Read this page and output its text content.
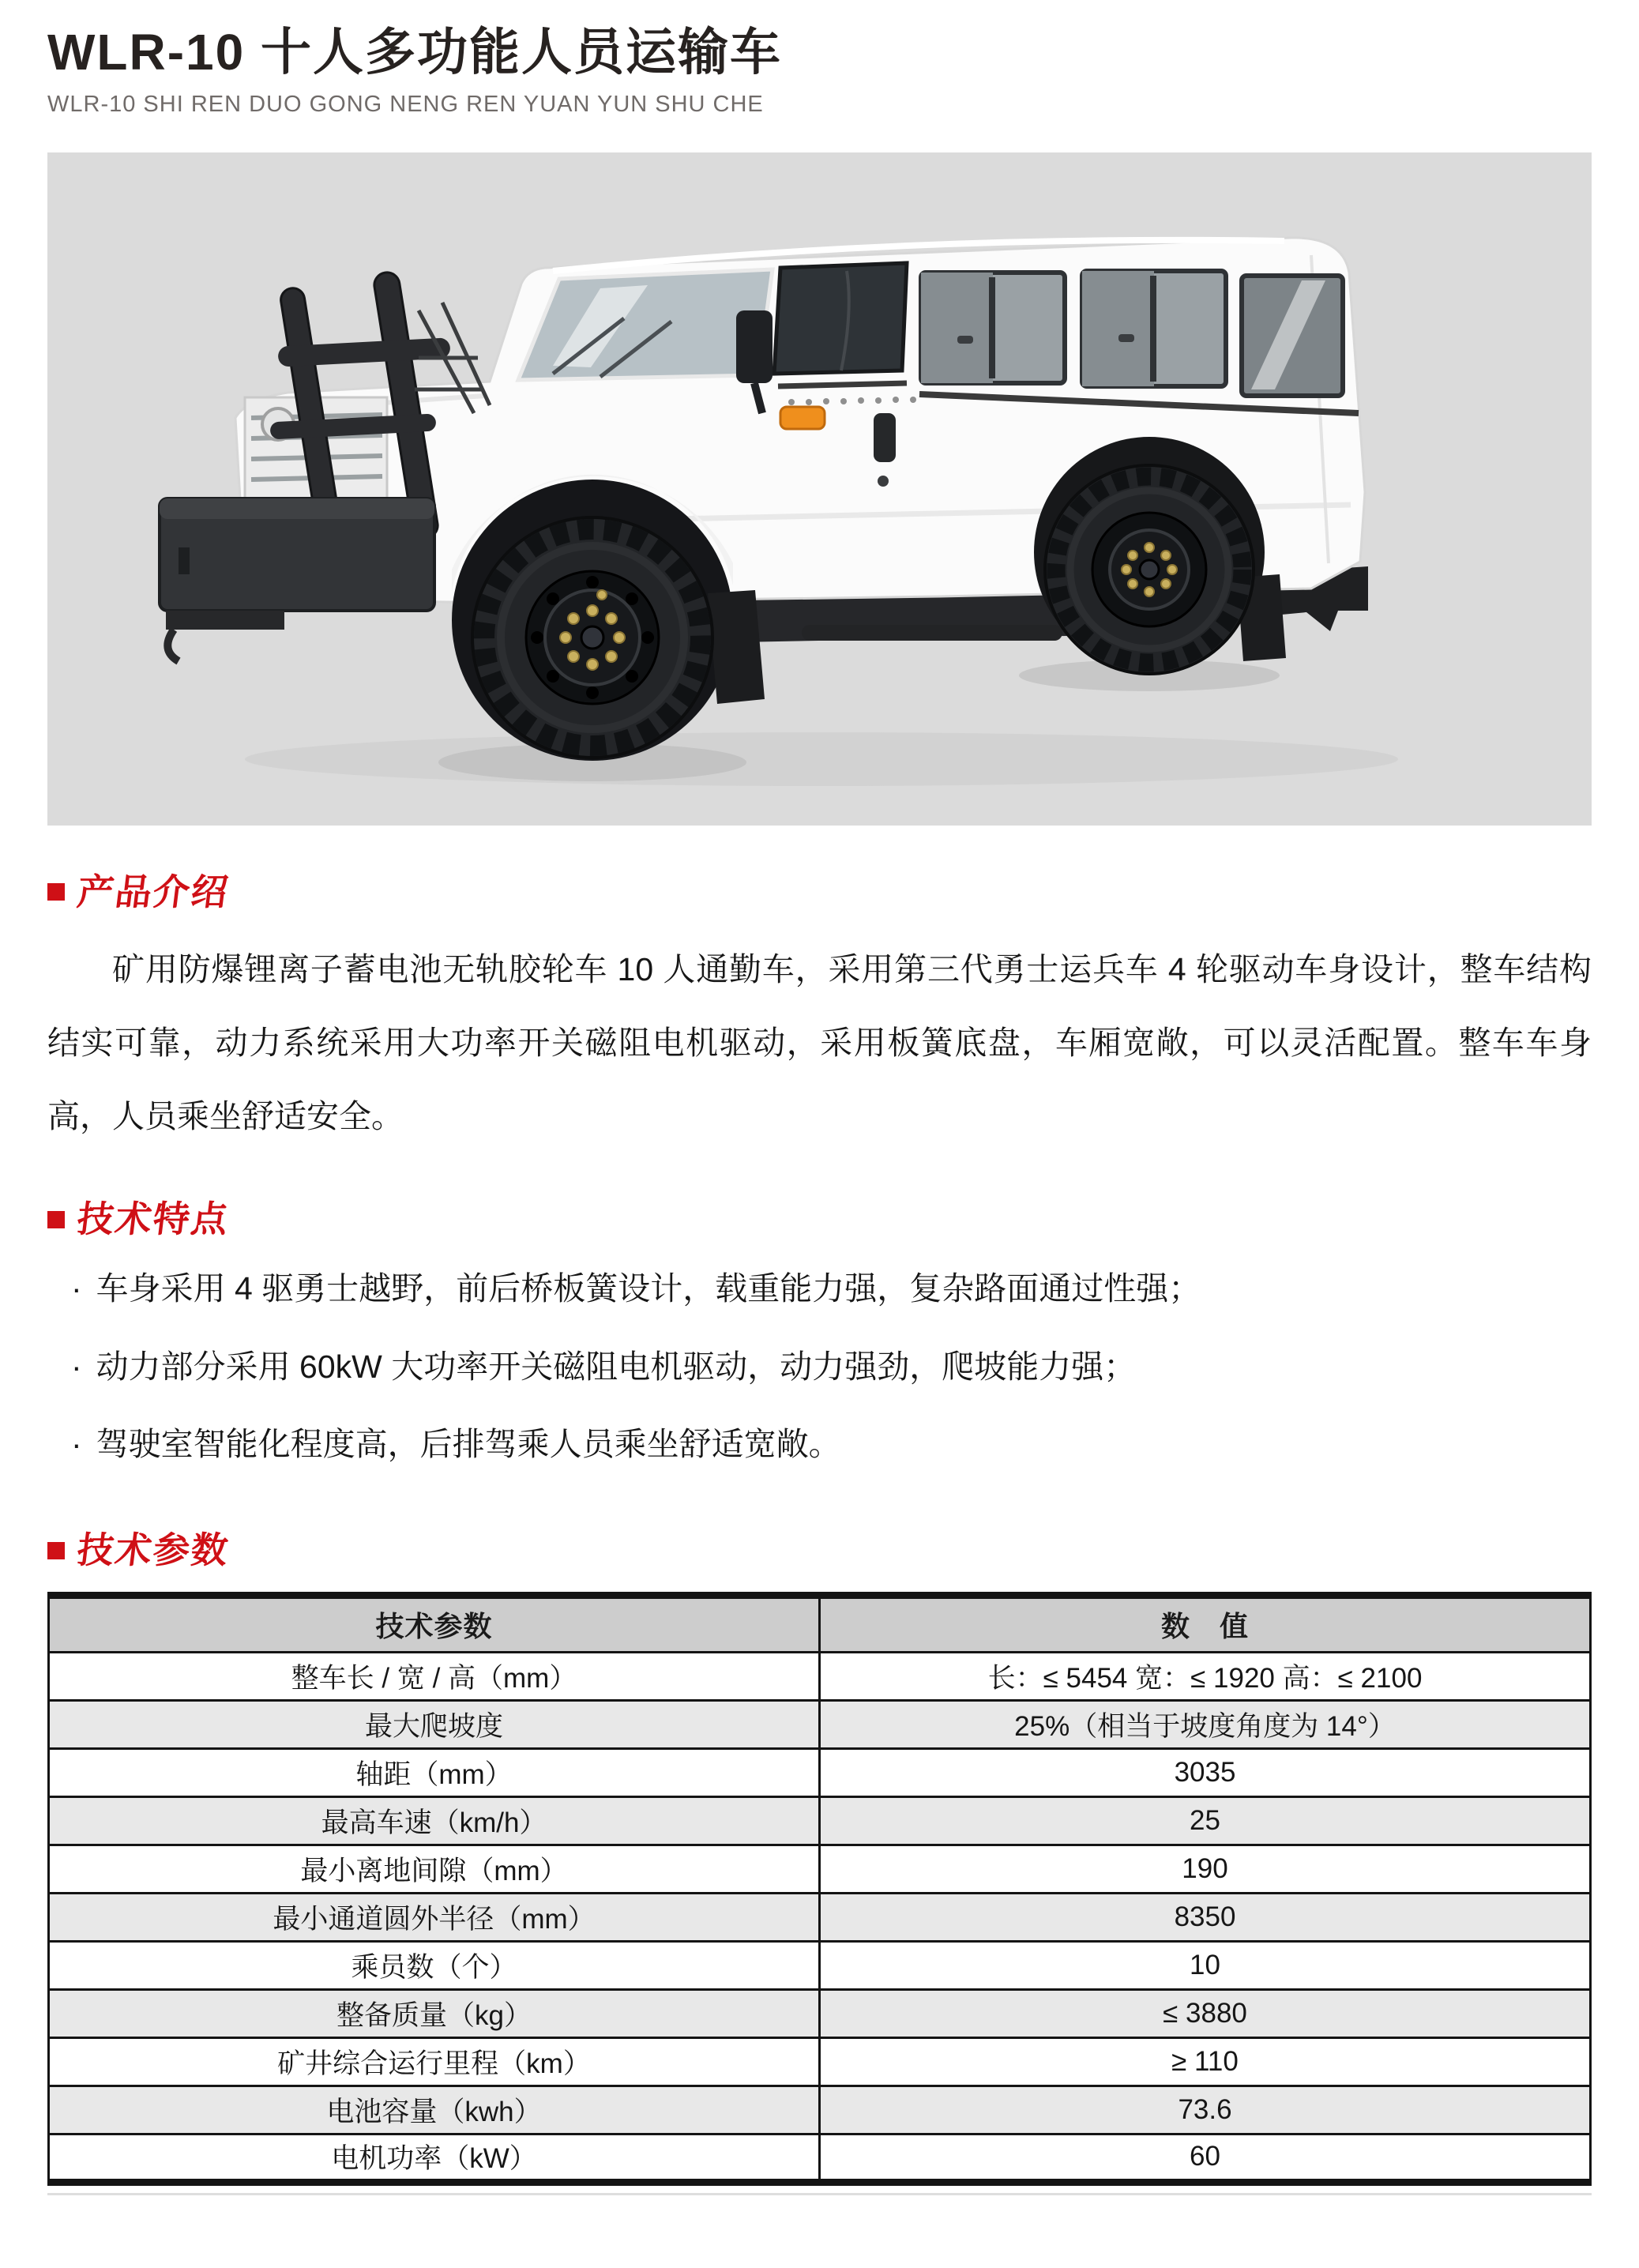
WLR-10 十人多功能人员运输车
WLR-10 SHI REN DUO GONG NENG REN YUAN YUN SHU CHE
产品介绍

矿用防爆锂离子蓄电池无轨胶轮车 10 人通勤车，采用第三代勇士运兵车 4 轮驱动车身设计，整车结构结实可靠，动力系统采用大功率开关磁阻电机驱动，采用板簧底盘，车厢宽敞，可以灵活配置。整车车身高，人员乘坐舒适安全。

技术特点
· 车身采用 4 驱勇士越野，前后桥板簧设计，载重能力强，复杂路面通过性强；
· 动力部分采用 60kW 大功率开关磁阻电机驱动，动力强劲，爬坡能力强；
· 驾驶室智能化程度高，后排驾乘人员乘坐舒适宽敞。
技术参数
技术参数	数　值
整车长 / 宽 / 高（mm）	长：≤ 5454 宽：≤ 1920 高：≤ 2100
最大爬坡度	25%（相当于坡度角度为 14°）
轴距（mm）	3035
最高车速（km/h）	25
最小离地间隙（mm）	190
最小通道圆外半径（mm）	8350
乘员数（个）	10
整备质量（kg）	≤ 3880
矿井综合运行里程（km）	≥ 110
电池容量（kwh）	73.6
电机功率（kW）	60
